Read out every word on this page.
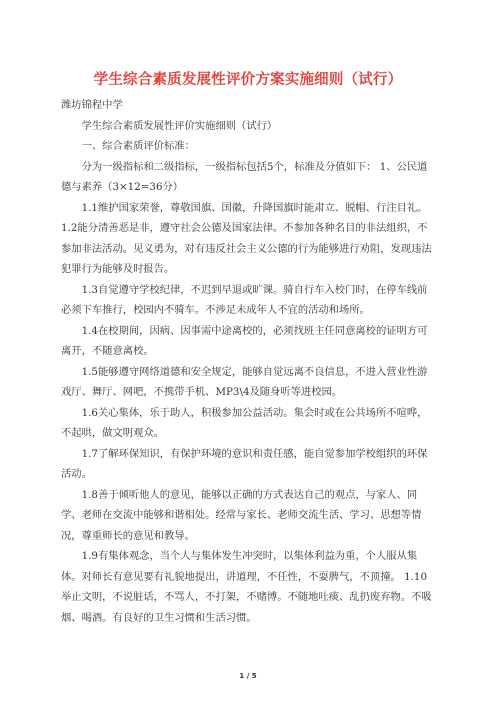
学生综合素质发展性评价方案实施细则（试行）

潍坊锦程中学

学生综合素质发展性评价实施细则（试行）

一、综合素质评价标准：

分为一级指标和二级指标，一级指标包括5个，标准及分值如下： 1、公民道德与素养（3×12=36分）

1.1维护国家荣誉，尊敬国旗、国徽，升降国旗时能肃立、脱帽、行注目礼。1.2能分清善恶是非，遵守社会公德及国家法律。不参加各种名目的非法组织，不参加非法活动。见义勇为，对有违反社会主义公德的行为能够进行劝阻，发现违法犯罪行为能够及时报告。

1.3自觉遵守学校纪律，不迟到早退或旷课。骑自行车入校门时，在停车线前必须下车推行，校园内不骑车。不涉足未成年人不宜的活动和场所。

1.4在校期间，因病、因事需中途离校的，必须找班主任同意离校的证明方可离开，不随意离校。

1.5能够遵守网络道德和安全规定，能够自觉远离不良信息，不进入营业性游戏厅、舞厅、网吧，不携带手机、MP3\4及随身听等进校园。

1.6关心集体，乐于助人，积极参加公益活动。集会时或在公共场所不喧哗，不起哄，做文明观众。

1.7了解环保知识，有保护环境的意识和责任感，能自觉参加学校组织的环保活动。

1.8善于倾听他人的意见，能够以正确的方式表达自己的观点，与家人、同学、老师在交流中能够和谐相处。经常与家长、老师交流生活、学习、思想等情况，尊重师长的意见和教导。

1.9有集体观念，当个人与集体发生冲突时，以集体利益为重，个人服从集体。对师长有意见要有礼貌地提出，讲道理，不任性，不耍脾气，不顶撞。 1.10举止文明，不说脏话，不骂人，不打架，不赌博。不随地吐痰、乱扔废弃物。不吸烟、喝酒。有良好的卫生习惯和生活习惯。

1 / 5
